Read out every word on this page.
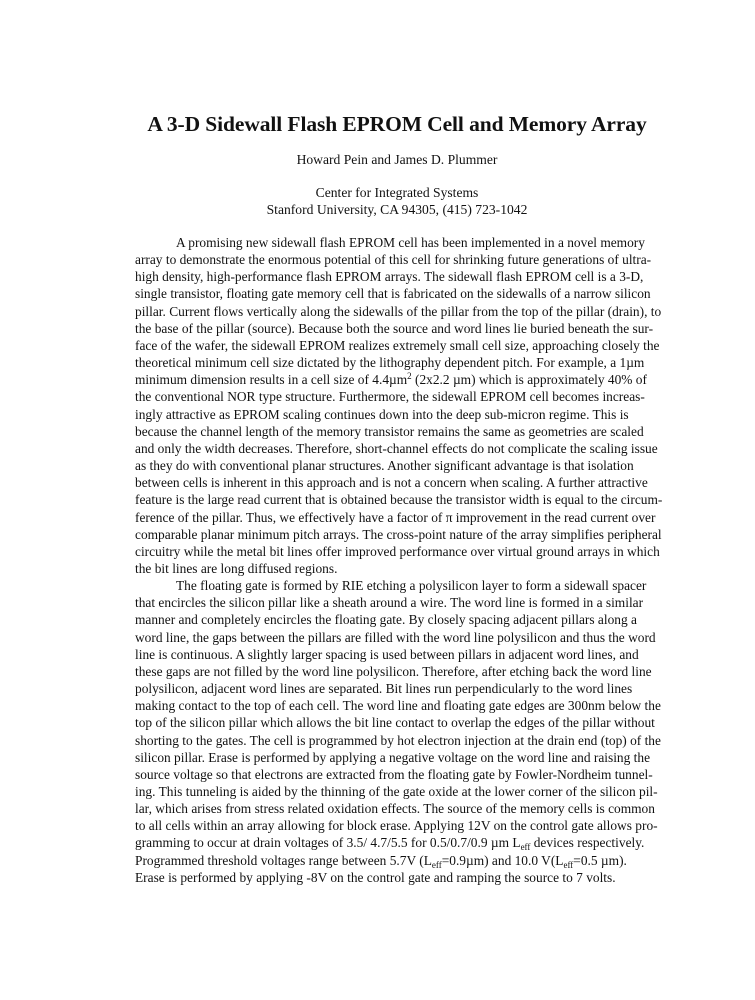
A 3-D Sidewall Flash EPROM Cell and Memory Array
Howard Pein and James D. Plummer
Center for Integrated Systems
Stanford University, CA 94305, (415) 723-1042
A promising new sidewall flash EPROM cell has been implemented in a novel memory
array to demonstrate the enormous potential of this cell for shrinking future generations of ultra-
high density, high-performance flash EPROM arrays. The sidewall flash EPROM cell is a 3-D,
single transistor, floating gate memory cell that is fabricated on the sidewalls of a narrow silicon
pillar. Current flows vertically along the sidewalls of the pillar from the top of the pillar (drain), to
the base of the pillar (source). Because both the source and word lines lie buried beneath the sur-
face of the wafer, the sidewall EPROM realizes extremely small cell size, approaching closely the
theoretical minimum cell size dictated by the lithography dependent pitch. For example, a 1µm
minimum dimension results in a cell size of 4.4µm$^2$ (2x2.2 µm) which is approximately 40% of
the conventional NOR type structure. Furthermore, the sidewall EPROM cell becomes increas-
ingly attractive as EPROM scaling continues down into the deep sub-micron regime. This is
because the channel length of the memory transistor remains the same as geometries are scaled
and only the width decreases. Therefore, short-channel effects do not complicate the scaling issue
as they do with conventional planar structures. Another significant advantage is that isolation
between cells is inherent in this approach and is not a concern when scaling. A further attractive
feature is the large read current that is obtained because the transistor width is equal to the circum-
ference of the pillar. Thus, we effectively have a factor of π improvement in the read current over
comparable planar minimum pitch arrays. The cross-point nature of the array simplifies peripheral
circuitry while the metal bit lines offer improved performance over virtual ground arrays in which
the bit lines are long diffused regions.
The floating gate is formed by RIE etching a polysilicon layer to form a sidewall spacer
that encircles the silicon pillar like a sheath around a wire. The word line is formed in a similar
manner and completely encircles the floating gate. By closely spacing adjacent pillars along a
word line, the gaps between the pillars are filled with the word line polysilicon and thus the word
line is continuous. A slightly larger spacing is used between pillars in adjacent word lines, and
these gaps are not filled by the word line polysilicon. Therefore, after etching back the word line
polysilicon, adjacent word lines are separated. Bit lines run perpendicularly to the word lines
making contact to the top of each cell. The word line and floating gate edges are 300nm below the
top of the silicon pillar which allows the bit line contact to overlap the edges of the pillar without
shorting to the gates. The cell is programmed by hot electron injection at the drain end (top) of the
silicon pillar. Erase is performed by applying a negative voltage on the word line and raising the
source voltage so that electrons are extracted from the floating gate by Fowler-Nordheim tunnel-
ing. This tunneling is aided by the thinning of the gate oxide at the lower corner of the silicon pil-
lar, which arises from stress related oxidation effects. The source of the memory cells is common
to all cells within an array allowing for block erase. Applying 12V on the control gate allows pro-
gramming to occur at drain voltages of 3.5/ 4.7/5.5 for 0.5/0.7/0.9 µm $L_{eff}$ devices respectively.
Programmed threshold voltages range between 5.7V $(L_{eff}=0.9\mu m)$ and 10.0 $V(L_{eff}=0.5$ µm).
Erase is performed by applying -8V on the control gate and ramping the source to 7 volts.
